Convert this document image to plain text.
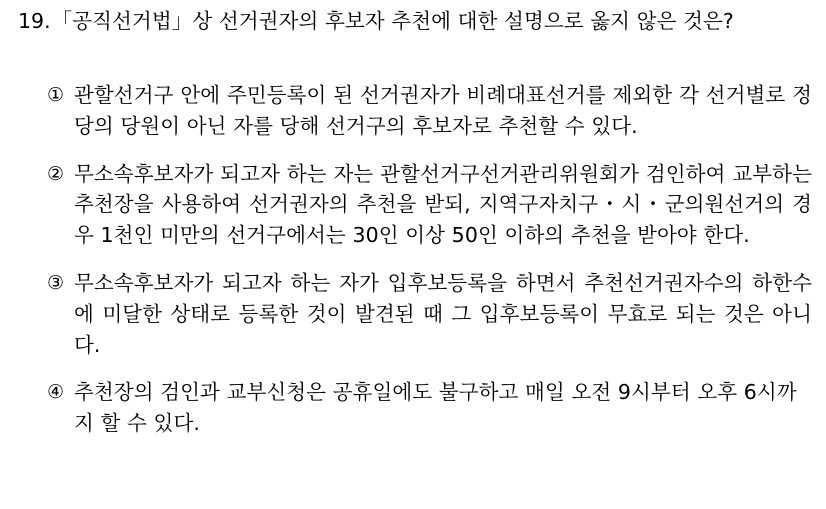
19. 「공직선거법」상 선거권자의 후보자 추천에 대한 설명으로 옳지 않은 것은?
① 관할선거구 안에 주민등록이 된 선거권자가 비례대표선거를 제외한 각 선거별로 정당의 당원이 아닌 자를 당해 선거구의 후보자로 추천할 수 있다.
② 무소속후보자가 되고자 하는 자는 관할선거구선거관리위원회가 검인하여 교부하는 추천장을 사용하여 선거권자의 추천을 받되, 지역구자치구・시・군의원선거의 경우 1천인 미만의 선거구에서는 30인 이상 50인 이하의 추천을 받아야 한다.
③ 무소속후보자가 되고자 하는 자가 입후보등록을 하면서 추천선거권자수의 하한수에 미달한 상태로 등록한 것이 발견된 때 그 입후보등록이 무효로 되는 것은 아니다.
④ 추천장의 검인과 교부신청은 공휴일에도 불구하고 매일 오전 9시부터 오후 6시까지 할 수 있다.
